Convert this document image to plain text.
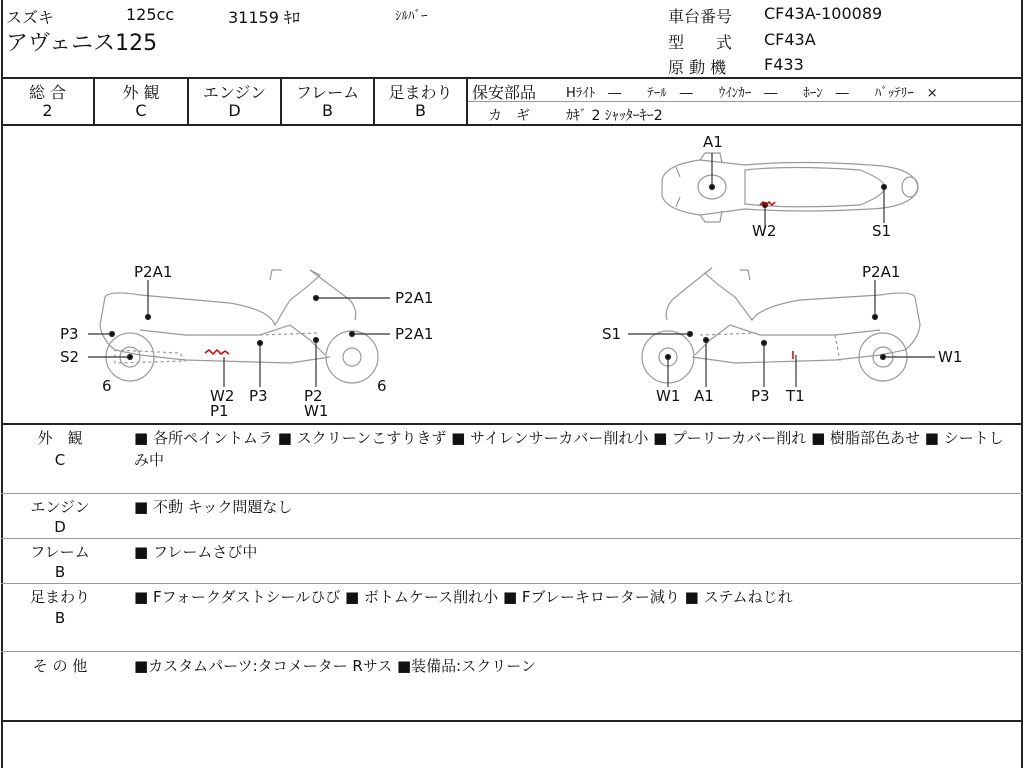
スズキ	125cc	31159 ｷﾛ	ｼﾙﾊﾞｰ
アヴェニス125
車台番号 CF43A-100089
型　　式 CF43A
原 動 機 F433
総 合
2
外 観
C
エンジン
D
フレーム
B
足まわり
B
保安部品 Hﾗｲﾄ　―　　ﾃｰﾙ　―　　ｳｲﾝｶｰ　―　　ﾎｰﾝ　―　　ﾊﾞｯﾃﾘｰ　×
カ　ギ	ｶｷﾞ 2 ｼｬｯﾀｰｷｰ2
A1
W2	S1
P2A1
P2A1
P2A1
P3
S2
6
W2
P1
P3 P2
W1
6
P2A1
S1
W1
W1 A1 P3 T1
外　観
C
■ 各所ペイントムラ ■ スクリーンこすりきず ■ サイレンサーカバー削れ小 ■ プーリーカバー削れ ■ 樹脂部色あせ ■ シートしみ中
エンジン
D
■ 不動 キック問題なし
フレーム
B
■ フレームさび中
足まわり
B
■ Fフォークダストシールひび ■ ボトムケース削れ小 ■ Fブレーキローター減り ■ ステムねじれ
そ の 他	■カスタムパーツ:タコメーター Rサス ■装備品:スクリーン
